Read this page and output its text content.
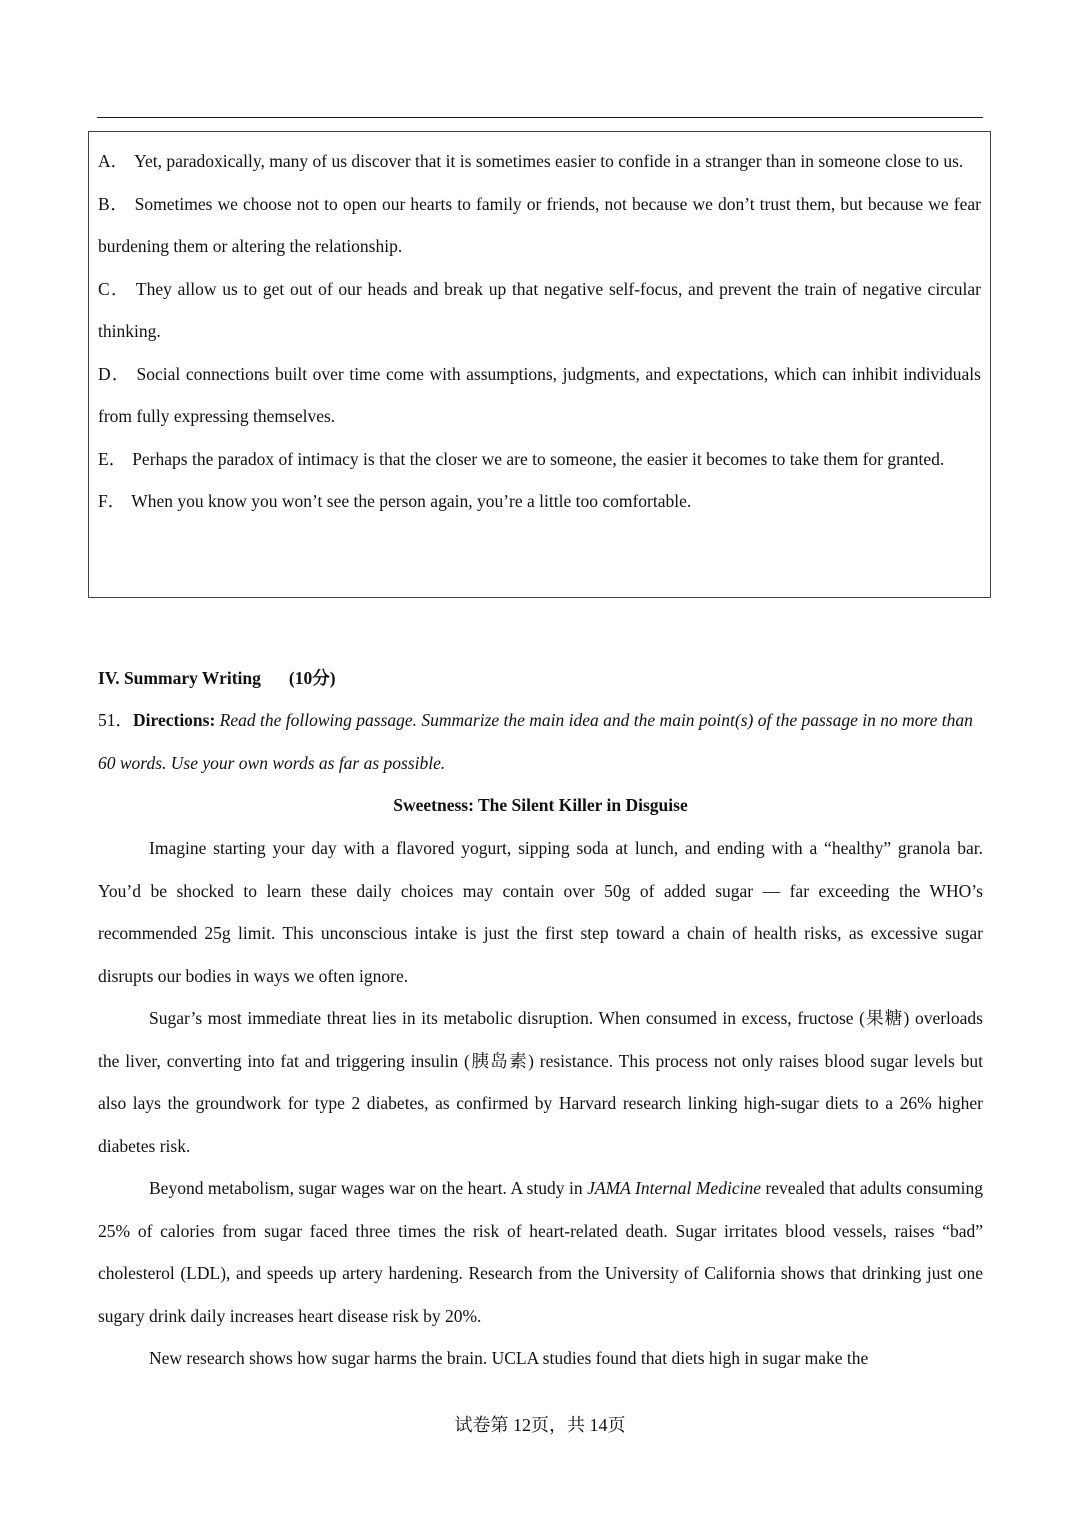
A． Yet, paradoxically, many of us discover that it is sometimes easier to confide in a stranger than in someone close to us.

B． Sometimes we choose not to open our hearts to family or friends, not because we don’t trust them, but because we fear burdening them or altering the relationship.

C． They allow us to get out of our heads and break up that negative self-focus, and prevent the train of negative circular thinking.

D． Social connections built over time come with assumptions, judgments, and expectations, which can inhibit individuals from fully expressing themselves.

E． Perhaps the paradox of intimacy is that the closer we are to someone, the easier it becomes to take them for granted.

F． When you know you won’t see the person again, you’re a little too comfortable.

IV. Summary Writing (10分)

51．Directions: Read the following passage. Summarize the main idea and the main point(s) of the passage in no more than 60 words. Use your own words as far as possible.

Sweetness: The Silent Killer in Disguise

Imagine starting your day with a flavored yogurt, sipping soda at lunch, and ending with a “healthy” granola bar. You’d be shocked to learn these daily choices may contain over 50g of added sugar — far exceeding the WHO’s recommended 25g limit. This unconscious intake is just the first step toward a chain of health risks, as excessive sugar disrupts our bodies in ways we often ignore.

Sugar’s most immediate threat lies in its metabolic disruption. When consumed in excess, fructose (果糖) overloads the liver, converting into fat and triggering insulin (胰岛素) resistance. This process not only raises blood sugar levels but also lays the groundwork for type 2 diabetes, as confirmed by Harvard research linking high-sugar diets to a 26% higher diabetes risk.

Beyond metabolism, sugar wages war on the heart. A study in JAMA Internal Medicine revealed that adults consuming 25% of calories from sugar faced three times the risk of heart-related death. Sugar irritates blood vessels, raises “bad” cholesterol (LDL), and speeds up artery hardening. Research from the University of California shows that drinking just one sugary drink daily increases heart disease risk by 20%.

New research shows how sugar harms the brain. UCLA studies found that diets high in sugar make the

试卷第 12页，共 14页
